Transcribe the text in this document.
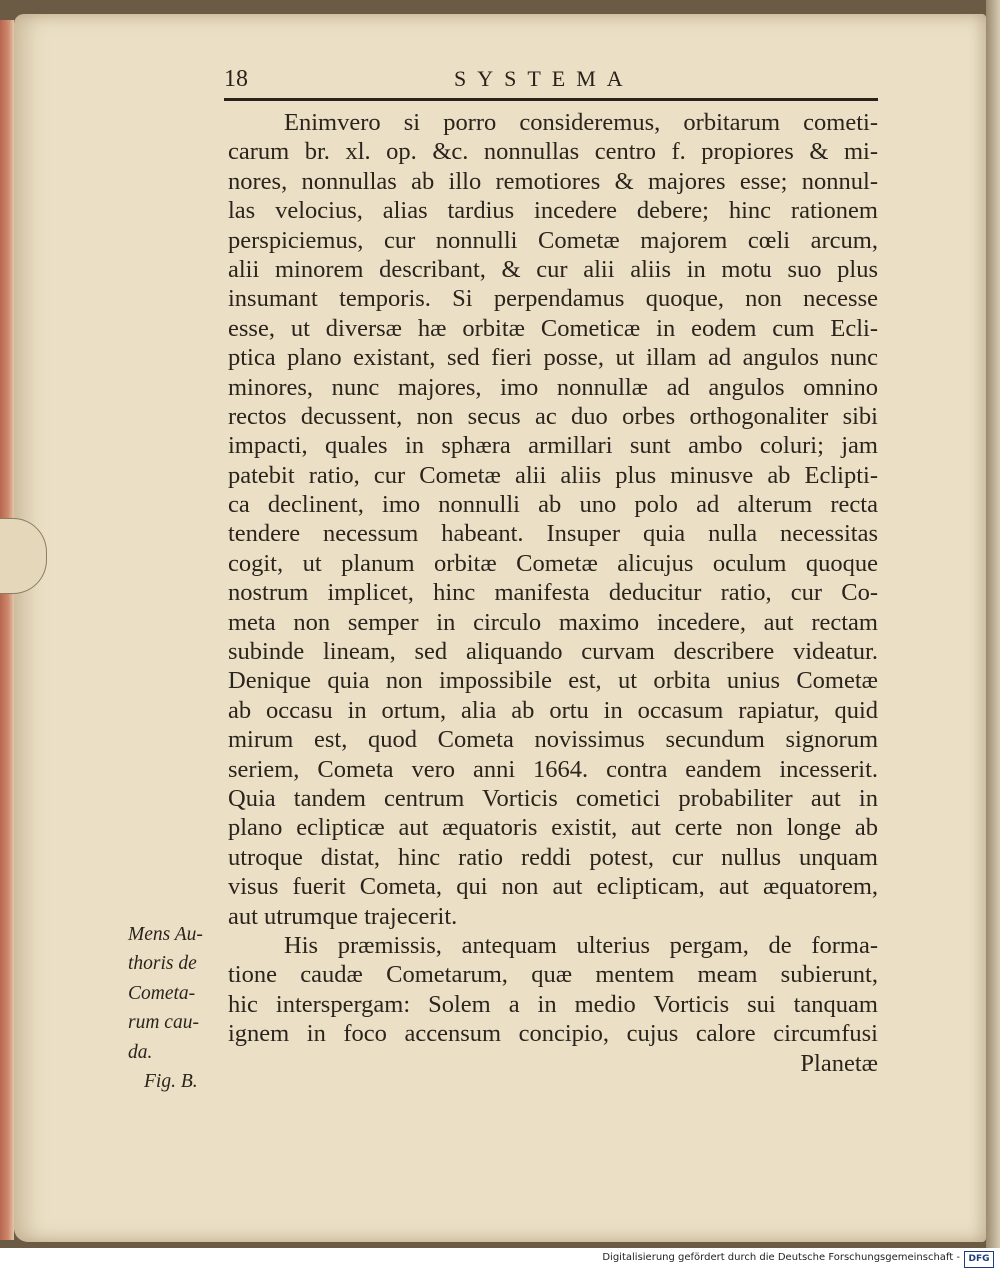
18	SYSTEMA
Enimvero si porro consideremus, orbitarum cometi-
carum br. xl. op. &c. nonnullas centro f. propiores & mi-
nores, nonnullas ab illo remotiores & majores esse; nonnul-
las velocius, alias tardius incedere debere; hinc rationem
perspiciemus, cur nonnulli Cometæ majorem cœli arcum,
alii minorem describant, & cur alii aliis in motu suo plus
insumant temporis. Si perpendamus quoque, non necesse
esse, ut diversæ hæ orbitæ Cometicæ in eodem cum Ecli-
ptica plano existant, sed fieri posse, ut illam ad angulos nunc
minores, nunc majores, imo nonnullæ ad angulos omnino
rectos decussent, non secus ac duo orbes orthogonaliter sibi
impacti, quales in sphæra armillari sunt ambo coluri; jam
patebit ratio, cur Cometæ alii aliis plus minusve ab Eclipti-
ca declinent, imo nonnulli ab uno polo ad alterum recta
tendere necessum habeant. Insuper quia nulla necessitas
cogit, ut planum orbitæ Cometæ alicujus oculum quoque
nostrum implicet, hinc manifesta deducitur ratio, cur Co-
meta non semper in circulo maximo incedere, aut rectam
subinde lineam, sed aliquando curvam describere videatur.
Denique quia non impossibile est, ut orbita unius Cometæ
ab occasu in ortum, alia ab ortu in occasum rapiatur, quid
mirum est, quod Cometa novissimus secundum signorum
seriem, Cometa vero anni 1664. contra eandem incesserit.
Quia tandem centrum Vorticis cometici probabiliter aut in
plano eclipticæ aut æquatoris existit, aut certe non longe ab
utroque distat, hinc ratio reddi potest, cur nullus unquam
visus fuerit Cometa, qui non aut eclipticam, aut æquatorem,
aut utrumque trajecerit.
His præmissis, antequam ulterius pergam, de forma-
tione caudæ Cometarum, quæ mentem meam subierunt,
hic interspergam: Solem a in medio Vorticis sui tanquam
ignem in foco accensum concipio, cujus calore circumfusi
Planetæ
Mens Au-
thoris de
Cometa-
rum cau-
da.
Fig. B.
Digitalisierung gefördert durch die Deutsche Forschungsgemeinschaft - DFG
